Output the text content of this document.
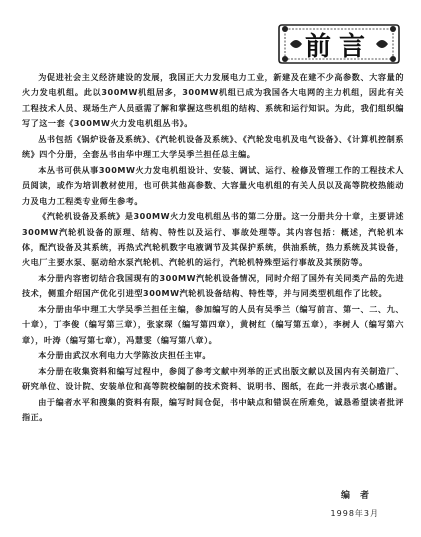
前言

为促进社会主义经济建设的发展，我国正大力发展电力工业，新建及在建不少高参数、大容量的火力发电机组。此以300MW机组居多，300MW机组已成为我国各大电网的主力机组，因此有关工程技术人员、现场生产人员亟需了解和掌握这些机组的结构、系统和运行知识。为此，我们组织编写了这一套《300MW火力发电机组丛书》。

丛书包括《锅炉设备及系统》、《汽轮机设备及系统》、《汽轮发电机及电气设备》、《计算机控制系统》四个分册，全套丛书由华中理工大学吴季兰担任总主编。

本丛书可供从事300MW火力发电机组设计、安装、调试、运行、检修及管理工作的工程技术人员阅读，或作为培训教材使用，也可供其他高参数、大容量火电机组的有关人员以及高等院校热能动力及电力工程类专业师生参考。

《汽轮机设备及系统》是300MW火力发电机组丛书的第二分册。这一分册共分十章，主要讲述300MW汽轮机设备的原理、结构、特性以及运行、事故处理等。其内容包括：概述，汽轮机本体，配汽设备及其系统，再热式汽轮机数字电液调节及其保护系统，供油系统，热力系统及其设备，火电厂主要水泵、驱动给水泵汽轮机、汽轮机的运行，汽轮机特殊型运行事故及其预防等。

本分册内容密切结合我国现有的300MW汽轮机设备情况，同时介绍了国外有关同类产品的先进技术，侧重介绍国产优化引进型300MW汽轮机设备结构、特性等，并与同类型机组作了比较。

本分册由华中理工大学吴季兰担任主编，参加编写的人员有吴季兰（编写前言、第一、二、九、十章），丁李俊（编写第三章），张家琛（编写第四章），黄树红（编写第五章），李树人（编写第六章），叶涛（编写第七章），冯慧雯（编写第八章）。

本分册由武汉水利电力大学陈汝庆担任主审。

本分册在收集资料和编写过程中，参阅了参考文献中列举的正式出版文献以及国内有关制造厂、研究单位、设计院、安装单位和高等院校编制的技术资料、说明书、图纸，在此一并表示衷心感谢。

由于编者水平和搜集的资料有限，编写时间仓促，书中缺点和错误在所难免，诚恳希望读者批评指正。

编者
1998年3月
